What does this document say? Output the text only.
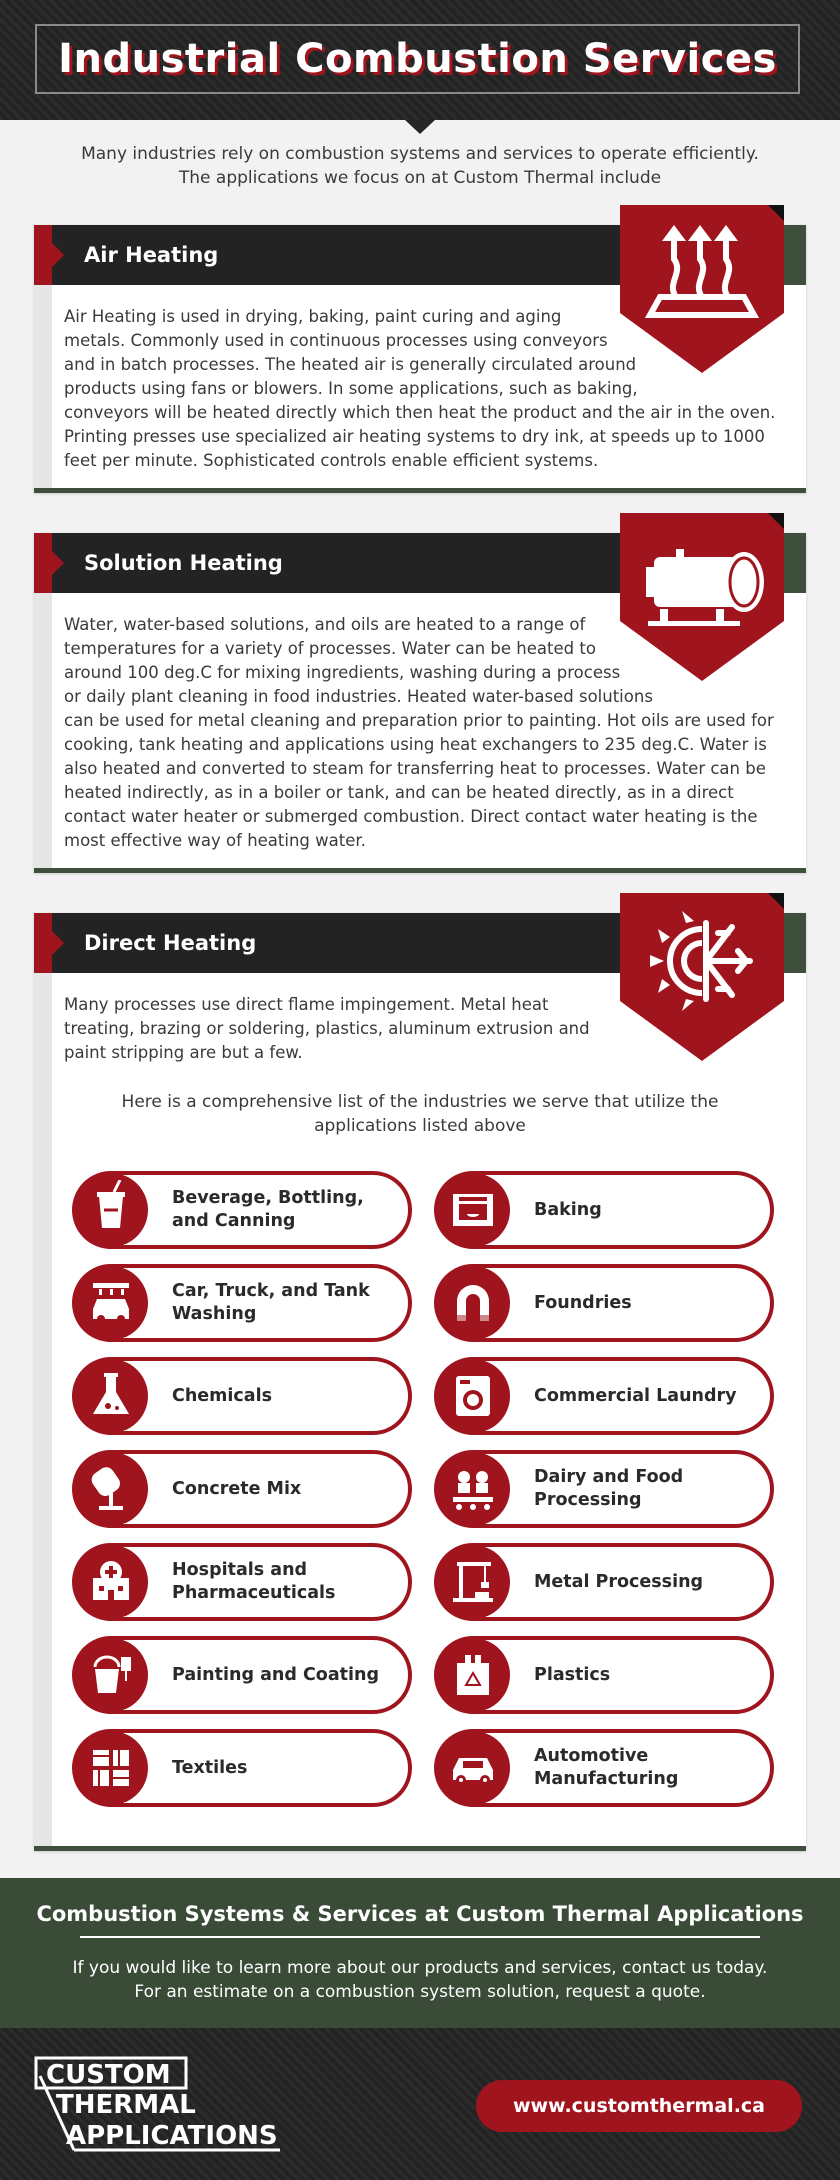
Industrial Combustion Services
Many industries rely on combustion systems and services to operate efficiently.
The applications we focus on at Custom Thermal include
Air Heating
Air Heating is used in drying, baking, paint curing and aging
metals. Commonly used in continuous processes using conveyors
and in batch processes. The heated air is generally circulated around
products using fans or blowers. In some applications, such as baking,
conveyors will be heated directly which then heat the product and the air in the oven.
Printing presses use specialized air heating systems to dry ink, at speeds up to 1000
feet per minute. Sophisticated controls enable efficient systems.
Solution Heating
Water, water-based solutions, and oils are heated to a range of
temperatures for a variety of processes. Water can be heated to
around 100 deg.C for mixing ingredients, washing during a process
or daily plant cleaning in food industries. Heated water-based solutions
can be used for metal cleaning and preparation prior to painting. Hot oils are used for
cooking, tank heating and applications using heat exchangers to 235 deg.C. Water is
also heated and converted to steam for transferring heat to processes. Water can be
heated indirectly, as in a boiler or tank, and can be heated directly, as in a direct
contact water heater or submerged combustion. Direct contact water heating is the
most effective way of heating water.
Direct Heating
Many processes use direct flame impingement. Metal heat
treating, brazing or soldering, plastics, aluminum extrusion and
paint stripping are but a few.
Here is a comprehensive list of the industries we serve that utilize the
applications listed above
Beverage, Bottling, and Canning
Baking
Car, Truck, and Tank Washing
Foundries
Chemicals	Commercial Laundry
Concrete Mix
Dairy and Food Processing
Hospitals and Pharmaceuticals
Metal Processing
Painting and Coating	Plastics
Textiles
Automotive Manufacturing
Combustion Systems & Services at Custom Thermal Applications
If you would like to learn more about our products and services, contact us today.
For an estimate on a combustion system solution, request a quote.
CUSTOM
THERMAL
APPLICATIONS
www.customthermal.ca
